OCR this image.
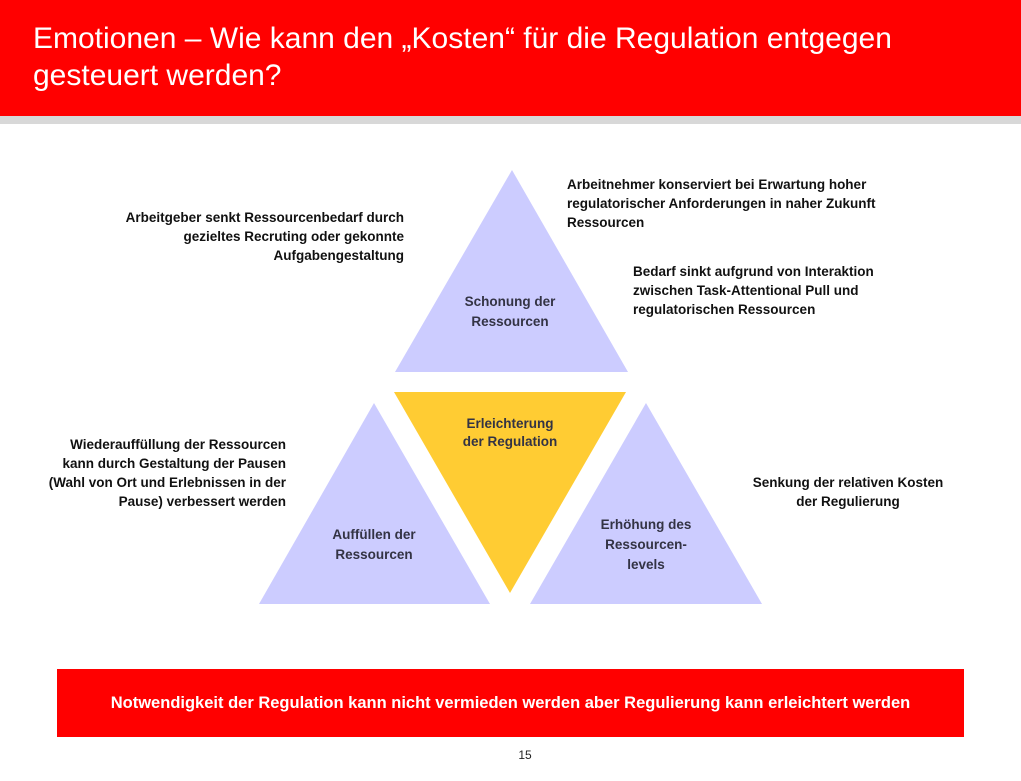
Emotionen – Wie kann den „Kosten“ für die Regulation entgegen gesteuert werden?
Schonung der Ressourcen
Erleichterung der Regulation
Auffüllen der Ressourcen
Erhöhung des Ressourcen-levels
Arbeitgeber senkt Ressourcenbedarf durch gezieltes Recruting oder gekonnte Aufgabengestaltung
Arbeitnehmer konserviert bei Erwartung hoher regulatorischer Anforderungen in naher Zukunft Ressourcen
Bedarf sinkt aufgrund von Interaktion zwischen Task-Attentional Pull und regulatorischen Ressourcen
Wiederauffüllung der Ressourcen kann durch Gestaltung der Pausen (Wahl von Ort und Erlebnissen in der Pause) verbessert werden
Senkung der relativen Kosten der Regulierung
Notwendigkeit der Regulation kann nicht vermieden werden aber Regulierung kann erleichtert werden
15
